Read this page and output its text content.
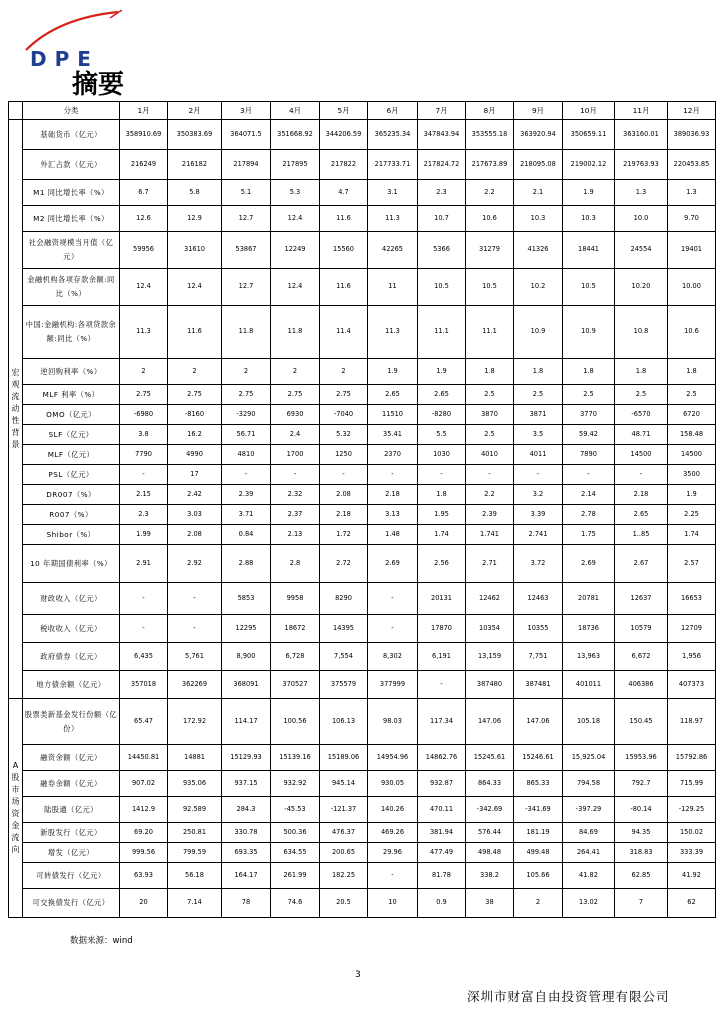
DPE
摘要
	分类	1月	2月	3月	4月	5月	6月	7月	8月	9月	10月	11月	12月

宏观流动性背景	基础货币（亿元）	358910.69	350383.69	364071.5	351668.92	344206.59	365235.34	347843.94	353555.18	363920.94	350659.11	363160.01	389036.93
	外汇占款（亿元）	216249	216182	217894	217895	217822	217733.71	217824.72	217673.89	218095.08	219002.12	219763.93	220453.85
	M1 同比增长率（%）	6.7	5.8	5.1	5.3	4.7	3.1	2.3	2.2	2.1	1.9	1.3	1.3
	M2 同比增长率（%）	12.6	12.9	12.7	12.4	11.6	11.3	10.7	10.6	10.3	10.3	10.0	9.70
	社会融资规模当月值（亿元）	59956	31610	53867	12249	15560	42265	5366	31279	41326	18441	24554	19401
	金融机构各项存款余额:同比（%）	12.4	12.4	12.7	12.4	11.6	11	10.5	10.5	10.2	10.5	10.20	10.00
	中国:金融机构:各项贷款余额:同比（%）	11.3	11.6	11.8	11.8	11.4	11.3	11.1	11.1	10.9	10.9	10.8	10.6
	逆回购利率（%）	2	2	2	2	2	1.9	1.9	1.8	1.8	1.8	1.8	1.8
	MLF 利率（%）	2.75	2.75	2.75	2.75	2.75	2.65	2.65	2.5	2.5	2.5	2.5	2.5
	OMO（亿元）	-6980	-8160	-3290	6930	-7040	11510	-8280	3870	3871	3770	-6570	6720
	SLF（亿元）	3.8	16.2	56.71	2.4	5.32	35.41	5.5	2.5	3.5	59.42	48.71	158.48
	MLF（亿元）	7790	4990	4810	1700	1250	2370	1030	4010	4011	7890	14500	14500
	PSL（亿元）	-	17	-	-	-	-	-	-	-	-	-	3500
	DR007（%）	2.15	2.42	2.39	2.32	2.08	2.18	1.8	2.2	3.2	2.14	2.18	1.9
	R007（%）	2.3	3.03	3.71	2.37	2.18	3.13	1.95	2.39	3.39	2.78	2.65	2.25
	Shibor（%）	1.99	2.08	0.84	2.13	1.72	1.48	1.74	1.741	2.741	1.75	1..85	1.74
	10 年期国债利率（%）	2.91	2.92	2.88	2.8	2.72	2.69	2.56	2.71	3.72	2.69	2.67	2.57
	财政收入（亿元）	-	-	5853	9958	8290	-	20131	12462	12463	20781	12637	16653
	税收收入（亿元）	-	-	12295	18672	14395	-	17870	10354	10355	18736	10579	12709
	政府债券（亿元）	6,435	5,761	8,900	6,728	7,554	8,302	6,191	13,159	7,751	13,963	6,672	1,956
	地方债余额（亿元）	357018	362269	368091	370527	375579	377999	-	387480	387481	401011	406386	407373

A股市场资金流向	股票类新基金发行份额（亿份）	65.47	172.92	114.17	100.56	106.13	98.03	117.34	147.06	147.06	105.18	150.45	118.97
	融资余额（亿元）	14450.81	14881	15129.93	15139.16	15189.06	14954.96	14862.76	15245.61	15246.61	15,925.04	15953.96	15792.86
	融券余额（亿元）	907.02	935.06	937.15	932.92	945.14	930.05	932.87	864.33	865.33	794.58	792.7	715.99
	陆股通（亿元）	1412.9	92.589	284.3	-45.53	-121.37	140.26	470.11	-342.69	-341.69	-397.29	-80.14	-129.25
	新股发行（亿元）	69.20	250.81	330.78	500.36	476.37	469.26	381.94	576.44	181.19	84.69	94.35	150.02
	增发（亿元）	999.56	799.59	693.35	634.55	200.65	29.96	477.49	498.48	499.48	264.41	318.83	333.39
	可转债发行（亿元）	63.93	56.18	164.17	261.99	182.25	-	81.78	338.2	105.66	41.82	62.85	41.92
	可交换债发行（亿元）	20	7.14	78	74.6	20.5	10	0.9	38	2	13.02	7	62
数据来源：wind
3
深圳市财富自由投资管理有限公司
